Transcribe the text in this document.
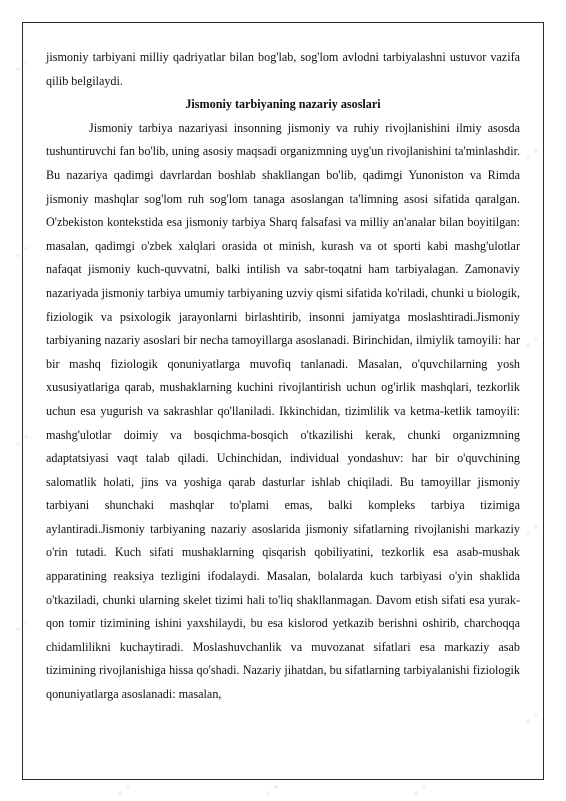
✦ ✦
✦ ✦
✦ ✦
✦ ✦
✦ ✦
✦ ✦
✦ ✦
✦ ✦
✦ ✦	✦ ✦	✦ ✦

jismoniy tarbiyani milliy qadriyatlar bilan bog'lab, sog'lom avlodni tarbiyalashni ustuvor vazifa qilib belgilaydi.

Jismoniy tarbiyaning nazariy asoslari

Jismoniy tarbiya nazariyasi insonning jismoniy va ruhiy rivojlanishini ilmiy asosda tushuntiruvchi fan bo'lib, uning asosiy maqsadi organizmning uyg'un rivojlanishini ta'minlashdir. Bu nazariya qadimgi davrlardan boshlab shakllangan bo'lib, qadimgi Yunoniston va Rimda jismoniy mashqlar sog'lom ruh sog'lom tanaga asoslangan ta'limning asosi sifatida qaralgan. O'zbekiston kontekstida esa jismoniy tarbiya Sharq falsafasi va milliy an'analar bilan boyitilgan: masalan, qadimgi o'zbek xalqlari orasida ot minish, kurash va ot sporti kabi mashg'ulotlar nafaqat jismoniy kuch-quvvatni, balki intilish va sabr-toqatni ham tarbiyalagan. Zamonaviy nazariyada jismoniy tarbiya umumiy tarbiyaning uzviy qismi sifatida ko'riladi, chunki u biologik, fiziologik va psixologik jarayonlarni birlashtirib, insonni jamiyatga moslashtiradi.Jismoniy tarbiyaning nazariy asoslari bir necha tamoyillarga asoslanadi. Birinchidan, ilmiylik tamoyili: har bir mashq fiziologik qonuniyatlarga muvofiq tanlanadi. Masalan, o'quvchilarning yosh xususiyatlariga qarab, mushaklarning kuchini rivojlantirish uchun og'irlik mashqlari, tezkorlik uchun esa yugurish va sakrashlar qo'llaniladi. Ikkinchidan, tizimlilik va ketma-ketlik tamoyili: mashg'ulotlar doimiy va bosqichma-bosqich o'tkazilishi kerak, chunki organizmning adaptatsiyasi vaqt talab qiladi. Uchinchidan, individual yondashuv: har bir o'quvchining salomatlik holati, jins va yoshiga qarab dasturlar ishlab chiqiladi. Bu tamoyillar jismoniy tarbiyani shunchaki mashqlar to'plami emas, balki kompleks tarbiya tizimiga aylantiradi.Jismoniy tarbiyaning nazariy asoslarida jismoniy sifatlarning rivojlanishi markaziy o'rin tutadi. Kuch sifati mushaklarning qisqarish qobiliyatini, tezkorlik esa asab-mushak apparatining reaksiya tezligini ifodalaydi. Masalan, bolalarda kuch tarbiyasi o'yin shaklida o'tkaziladi, chunki ularning skelet tizimi hali to'liq shakllanmagan. Davom etish sifati esa yurak-qon tomir tizimining ishini yaxshilaydi, bu esa kislorod yetkazib berishni oshirib, charchoqqa chidamlilikni kuchaytiradi. Moslashuvchanlik va muvozanat sifatlari esa markaziy asab tizimining rivojlanishiga hissa qo'shadi. Nazariy jihatdan, bu sifatlarning tarbiyalanishi fiziologik qonuniyatlarga asoslanadi: masalan,
